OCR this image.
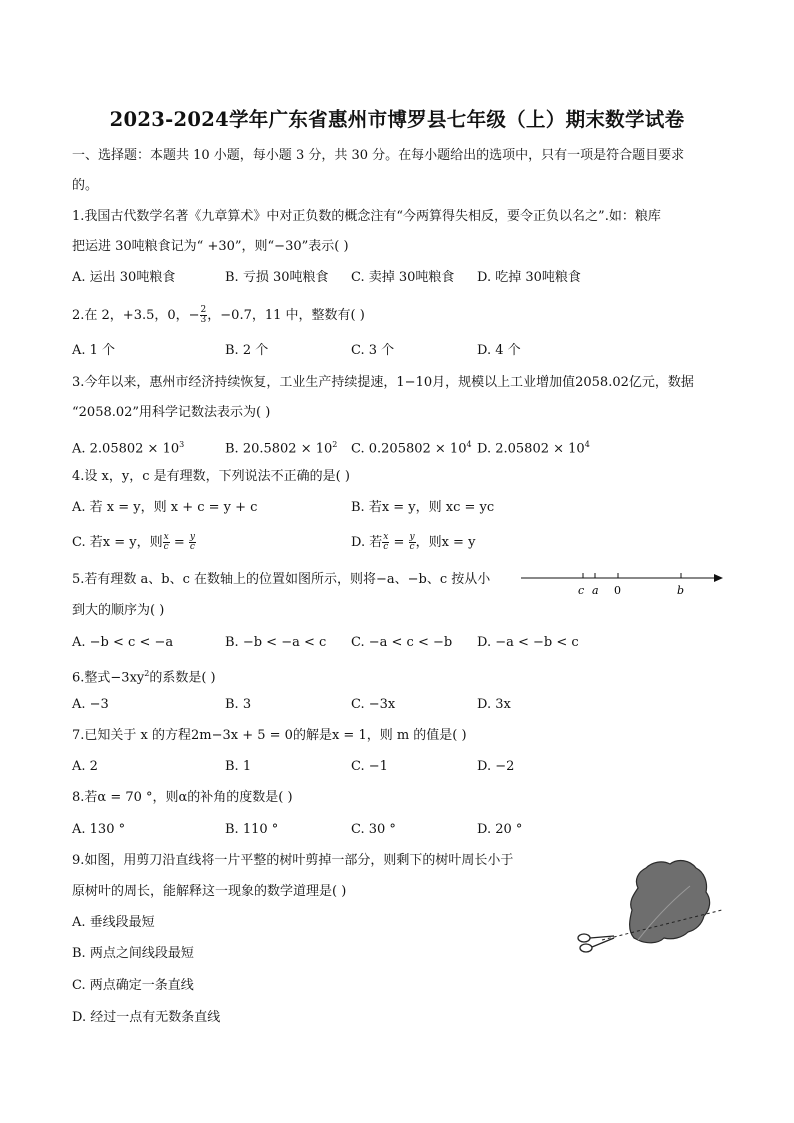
2023-2024学年广东省惠州市博罗县七年级（上）期末数学试卷
一、选择题：本题共 10 小题，每小题 3 分，共 30 分。在每小题给出的选项中，只有一项是符合题目要求
的。
1.我国古代数学名著《九章算术》中对正负数的概念注有“今两算得失相反，要令正负以名之”.如：粮库
把运进 30吨粮食记为“ +30”，则“−30”表示( )
A. 运出 30吨粮食	B. 亏损 30吨粮食 C. 卖掉 30吨粮食 D. 吃掉 30吨粮食
2.在 2，+3.5，0，− $\frac{2}{3}$ ，−0.7，11 中，整数有( )
A. 1 个	B. 2 个	C. 3 个	D. 4 个
3.今年以来，惠州市经济持续恢复，工业生产持续提速，1−10月，规模以上工业增加值2058.02亿元，数据
“2058.02”用科学记数法表示为( )
A. $2.05802 \times 10^3$	B. $20.5802 \times 10^2$ C. $0.205802 \times 10^4$ D. $2.05802 \times 10^4$
4.设 x，y，c 是有理数，下列说法不正确的是( )
A. 若 x = y，则 x + c = y + c	B. 若x = y，则 xc = yc
C. 若x = y，则 $\frac{x}{c} = \frac{y}{c}$	D. 若 $\frac{x}{c} = \frac{y}{c}$ ，则x = y
5.若有理数 a、b、c 在数轴上的位置如图所示，则将−a、−b、c 按从小
到大的顺序为( )
c a 0	b
A. −b < c < −a	B. −b < −a < c C. −a < c < −b D. −a < −b < c
6.整式$-3xy^2$的系数是( )
A. −3	B. 3	C. −3x	D. 3x
7.已知关于 x 的方程2m−3x + 5 = 0的解是x = 1，则 m 的值是( )
A. 2	B. 1	C. −1	D. −2
8.若α = 70 °，则α的补角的度数是( )
A. 130 °	B. 110 °	C. 30 °	D. 20 °
9.如图，用剪刀沿直线将一片平整的树叶剪掉一部分，则剩下的树叶周长小于
原树叶的周长，能解释这一现象的数学道理是( )
A. 垂线段最短
B. 两点之间线段最短
C. 两点确定一条直线
D. 经过一点有无数条直线
